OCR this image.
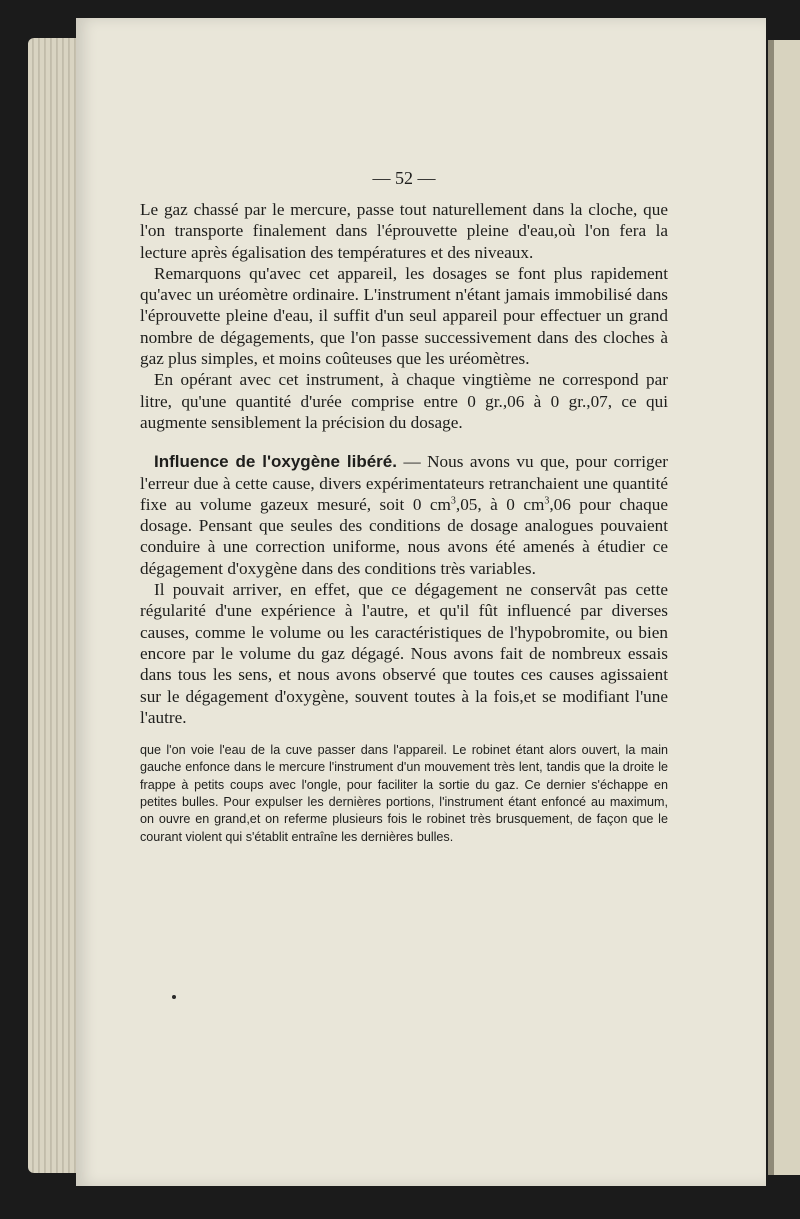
— 52 —

Le gaz chassé par le mercure, passe tout naturellement dans la cloche, que l'on transporte finalement dans l'éprouvette pleine d'eau,où l'on fera la lecture après égalisation des températures et des niveaux.

Remarquons qu'avec cet appareil, les dosages se font plus rapidement qu'avec un uréomètre ordinaire. L'instrument n'étant jamais immobilisé dans l'éprouvette pleine d'eau, il suffit d'un seul appareil pour effectuer un grand nombre de dégagements, que l'on passe successivement dans des cloches à gaz plus simples, et moins coûteuses que les uréomètres.

En opérant avec cet instrument, à chaque vingtième ne correspond par litre, qu'une quantité d'urée comprise entre 0 gr.,06 à 0 gr.,07, ce qui augmente sensiblement la précision du dosage.

Influence de l'oxygène libéré. — Nous avons vu que, pour corriger l'erreur due à cette cause, divers expérimentateurs retranchaient une quantité fixe au volume gazeux mesuré, soit 0 $cm^3,05$, à 0 $cm^3,06$ pour chaque dosage. Pensant que seules des conditions de dosage analogues pouvaient conduire à une correction uniforme, nous avons été amenés à étudier ce dégagement d'oxygène dans des conditions très variables.

Il pouvait arriver, en effet, que ce dégagement ne conservât pas cette régularité d'une expérience à l'autre, et qu'il fût influencé par diverses causes, comme le volume ou les caractéristiques de l'hypobromite, ou bien encore par le volume du gaz dégagé. Nous avons fait de nombreux essais dans tous les sens, et nous avons observé que toutes ces causes agissaient sur le dégagement d'oxygène, souvent toutes à la fois,et se modifiant l'une l'autre.

que l'on voie l'eau de la cuve passer dans l'appareil. Le robinet étant alors ouvert, la main gauche enfonce dans le mercure l'instrument d'un mouvement très lent, tandis que la droite le frappe à petits coups avec l'ongle, pour faciliter la sortie du gaz. Ce dernier s'échappe en petites bulles. Pour expulser les dernières portions, l'instrument étant enfoncé au maximum, on ouvre en grand,et on referme plusieurs fois le robinet très brusquement, de façon que le courant violent qui s'établit entraîne les dernières bulles.
